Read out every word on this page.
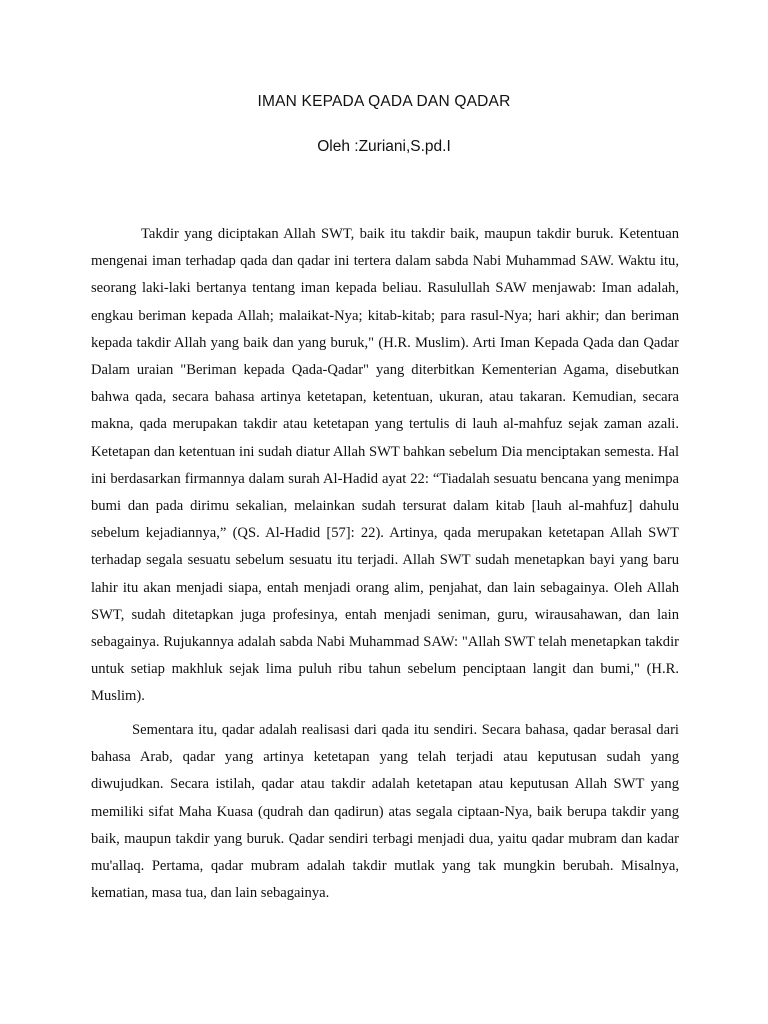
IMAN KEPADA QADA DAN QADAR

Oleh :Zuriani,S.pd.I

Takdir yang diciptakan Allah SWT, baik itu takdir baik, maupun takdir buruk. Ketentuan mengenai iman terhadap qada dan qadar ini tertera dalam sabda Nabi Muhammad SAW. Waktu itu, seorang laki-laki bertanya tentang iman kepada beliau. Rasulullah SAW menjawab: Iman adalah, engkau beriman kepada Allah; malaikat-Nya; kitab-kitab; para rasul-Nya; hari akhir; dan beriman kepada takdir Allah yang baik dan yang buruk," (H.R. Muslim). Arti Iman Kepada Qada dan Qadar Dalam uraian "Beriman kepada Qada-Qadar" yang diterbitkan Kementerian Agama, disebutkan bahwa qada, secara bahasa artinya ketetapan, ketentuan, ukuran, atau takaran. Kemudian, secara makna, qada merupakan takdir atau ketetapan yang tertulis di lauh al-mahfuz sejak zaman azali. Ketetapan dan ketentuan ini sudah diatur Allah SWT bahkan sebelum Dia menciptakan semesta. Hal ini berdasarkan firmannya dalam surah Al-Hadid ayat 22: “Tiadalah sesuatu bencana yang menimpa bumi dan pada dirimu sekalian, melainkan sudah tersurat dalam kitab [lauh al-mahfuz] dahulu sebelum kejadiannya,” (QS. Al-Hadid [57]: 22). Artinya, qada merupakan ketetapan Allah SWT terhadap segala sesuatu sebelum sesuatu itu terjadi. Allah SWT sudah menetapkan bayi yang baru lahir itu akan menjadi siapa, entah menjadi orang alim, penjahat, dan lain sebagainya. Oleh Allah SWT, sudah ditetapkan juga profesinya, entah menjadi seniman, guru, wirausahawan, dan lain sebagainya. Rujukannya adalah sabda Nabi Muhammad SAW: "Allah SWT telah menetapkan takdir untuk setiap makhluk sejak lima puluh ribu tahun sebelum penciptaan langit dan bumi," (H.R. Muslim).

Sementara itu, qadar adalah realisasi dari qada itu sendiri. Secara bahasa, qadar berasal dari bahasa Arab, qadar yang artinya ketetapan yang telah terjadi atau keputusan sudah yang diwujudkan. Secara istilah, qadar atau takdir adalah ketetapan atau keputusan Allah SWT yang memiliki sifat Maha Kuasa (qudrah dan qadirun) atas segala ciptaan-Nya, baik berupa takdir yang baik, maupun takdir yang buruk. Qadar sendiri terbagi menjadi dua, yaitu qadar mubram dan kadar mu'allaq. Pertama, qadar mubram adalah takdir mutlak yang tak mungkin berubah. Misalnya, kematian, masa tua, dan lain sebagainya.
